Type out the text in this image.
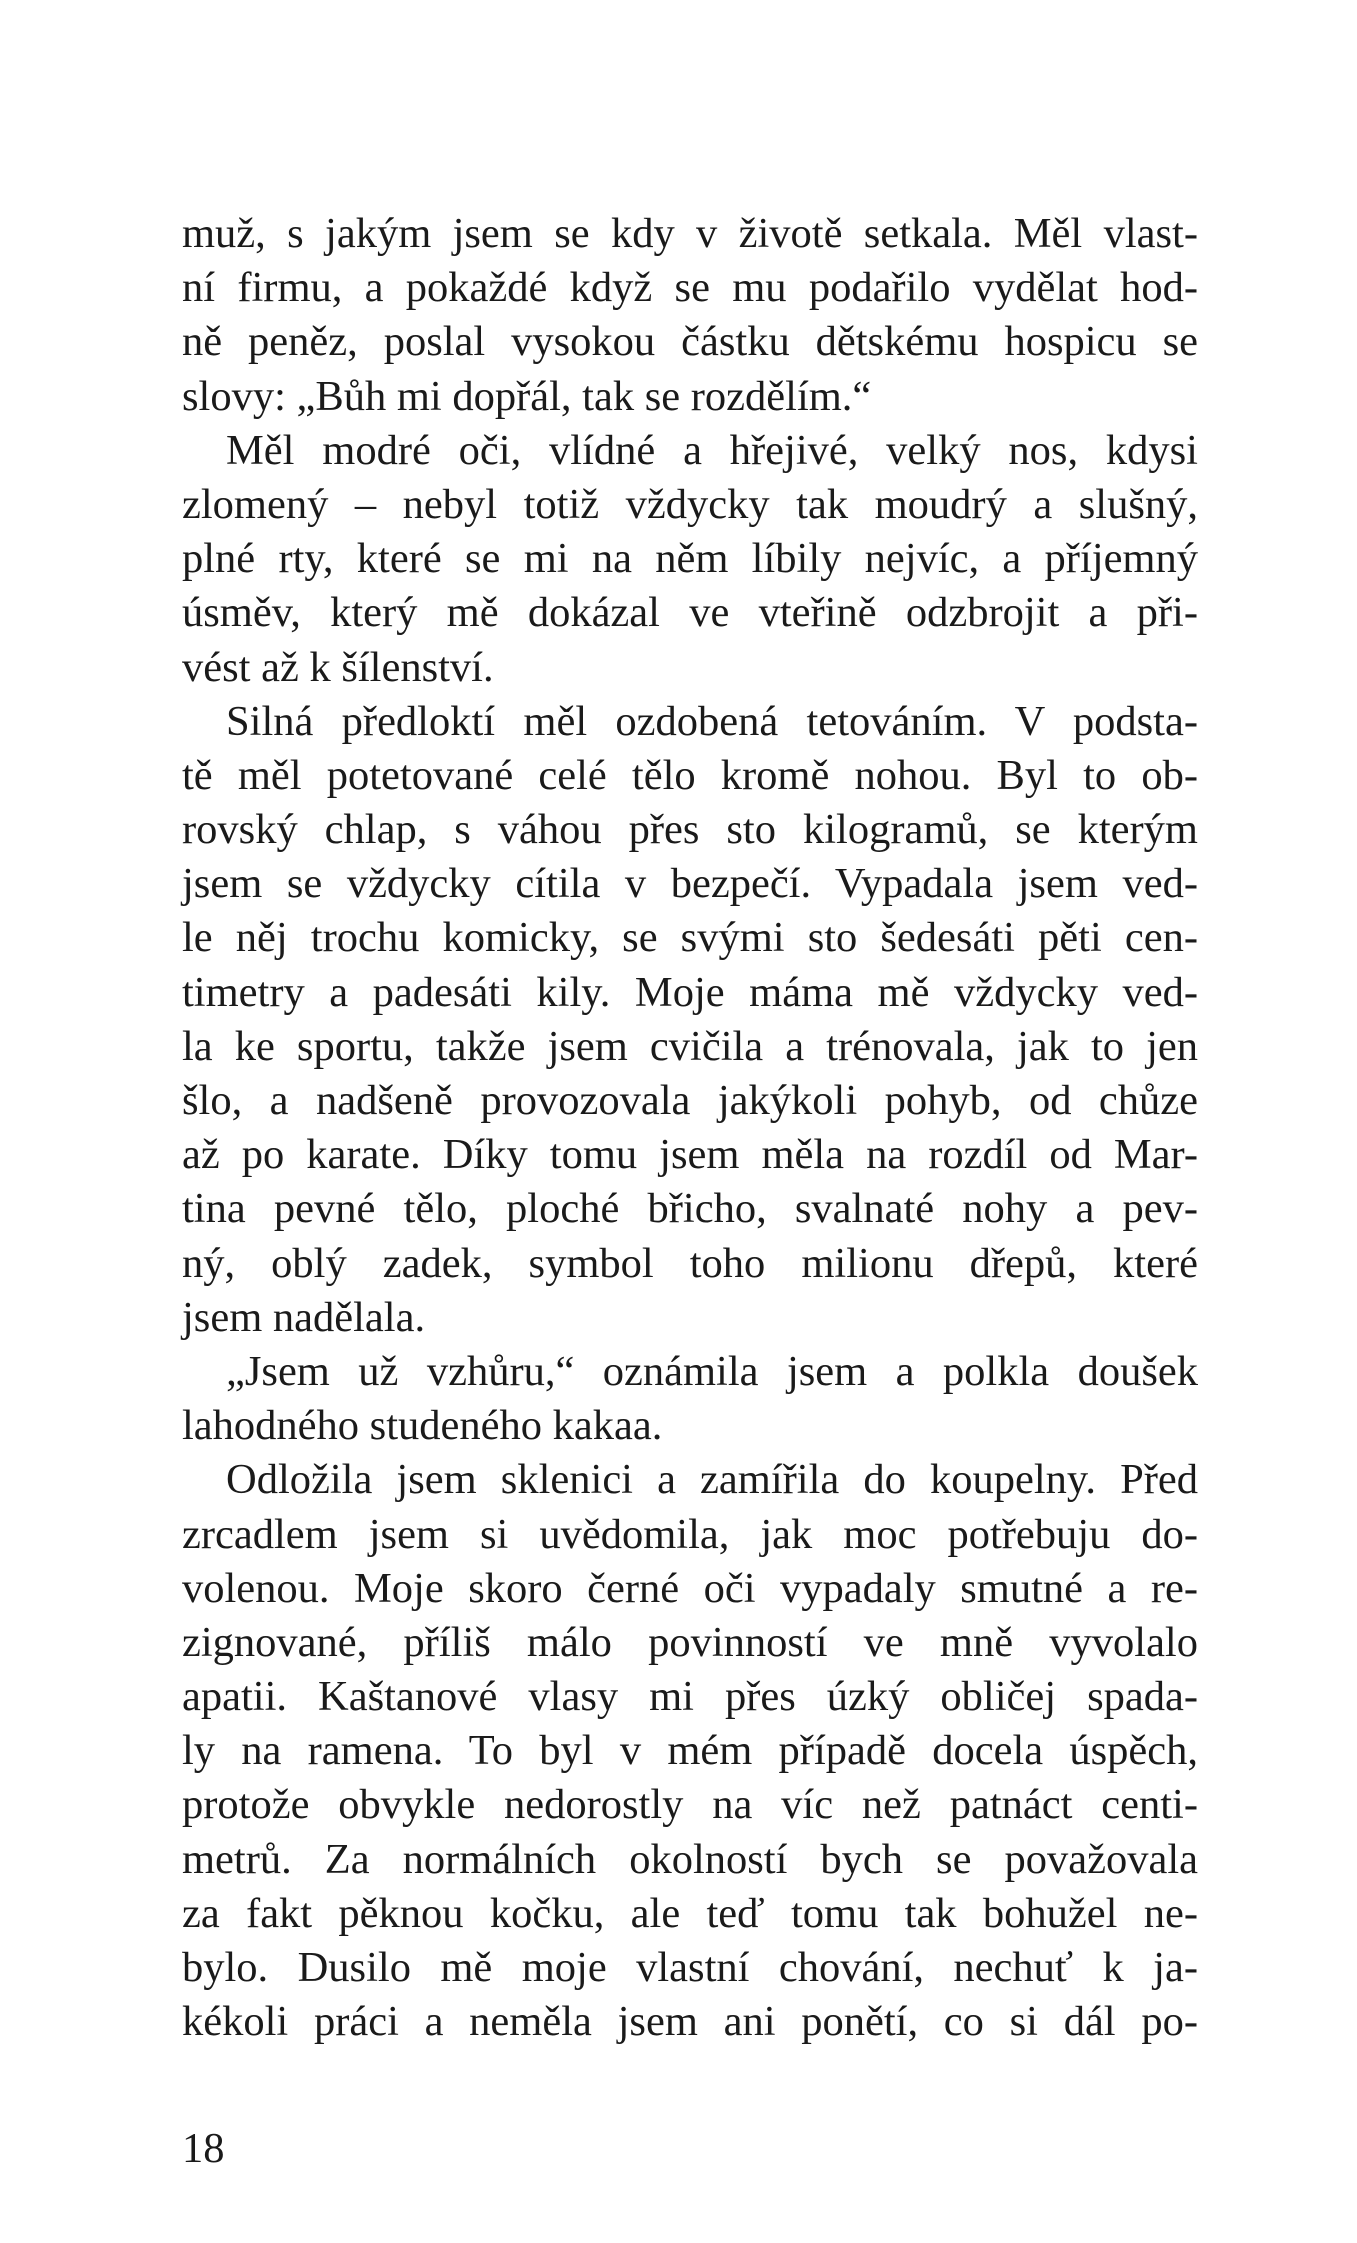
muž, s jakým jsem se kdy v životě setkala. Měl vlast-
ní firmu, a pokaždé když se mu podařilo vydělat hod-
ně peněz, poslal vysokou částku dětskému hospicu se
slovy: „Bůh mi dopřál, tak se rozdělím.“
Měl modré oči, vlídné a hřejivé, velký nos, kdysi
zlomený – nebyl totiž vždycky tak moudrý a slušný,
plné rty, které se mi na něm líbily nejvíc, a příjemný
úsměv, který mě dokázal ve vteřině odzbrojit a při-
vést až k šílenství.
Silná předloktí měl ozdobená tetováním. V podsta-
tě měl potetované celé tělo kromě nohou. Byl to ob-
rovský chlap, s váhou přes sto kilogramů, se kterým
jsem se vždycky cítila v bezpečí. Vypadala jsem ved-
le něj trochu komicky, se svými sto šedesáti pěti cen-
timetry a padesáti kily. Moje máma mě vždycky ved-
la ke sportu, takže jsem cvičila a trénovala, jak to jen
šlo, a nadšeně provozovala jakýkoli pohyb, od chůze
až po karate. Díky tomu jsem měla na rozdíl od Mar-
tina pevné tělo, ploché břicho, svalnaté nohy a pev-
ný, oblý zadek, symbol toho milionu dřepů, které
jsem nadělala.
„Jsem už vzhůru,“ oznámila jsem a polkla doušek
lahodného studeného kakaa.
Odložila jsem sklenici a zamířila do koupelny. Před
zrcadlem jsem si uvědomila, jak moc potřebuju do-
volenou. Moje skoro černé oči vypadaly smutné a re-
zignované, příliš málo povinností ve mně vyvolalo
apatii. Kaštanové vlasy mi přes úzký obličej spada-
ly na ramena. To byl v mém případě docela úspěch,
protože obvykle nedorostly na víc než patnáct centi-
metrů. Za normálních okolností bych se považovala
za fakt pěknou kočku, ale teď tomu tak bohužel ne-
bylo. Dusilo mě moje vlastní chování, nechuť k ja-
kékoli práci a neměla jsem ani ponětí, co si dál po-
18
